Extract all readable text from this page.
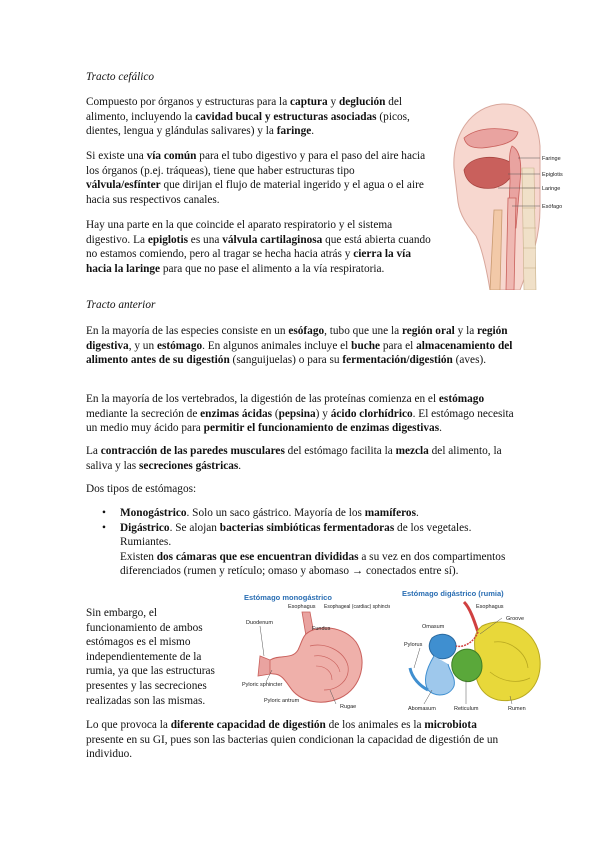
Tracto cefálico
Compuesto por órganos y estructuras para la captura y deglución del alimento, incluyendo la cavidad bucal y estructuras asociadas (picos, dientes, lengua y glándulas salivares) y la faringe.
Si existe una vía común para el tubo digestivo y para el paso del aire hacia los órganos (p.ej. tráqueas), tiene que haber estructuras tipo válvula/esfínter que dirijan el flujo de material ingerido y el agua o el aire hacia sus respectivos canales.
Hay una parte en la que coincide el aparato respiratorio y el sistema digestivo. La epiglotis es una válvula cartilaginosa que está abierta cuando no estamos comiendo, pero al tragar se hecha hacia atrás y cierra la vía hacia la laringe para que no pase el alimento a la vía respiratoria.
Faringe
Epiglotis
Laringe
Esófago
Tracto anterior
En la mayoría de las especies consiste en un esófago, tubo que une la región oral y la región digestiva, y un estómago. En algunos animales incluye el buche para el almacenamiento del alimento antes de su digestión (sanguijuelas) o para su fermentación/digestión (aves).
En la mayoría de los vertebrados, la digestión de las proteínas comienza en el estómago mediante la secreción de enzimas ácidas (pepsina) y ácido clorhídrico. El estómago necesita un medio muy ácido para permitir el funcionamiento de enzimas digestivas.
La contracción de las paredes musculares del estómago facilita la mezcla del alimento, la saliva y las secreciones gástricas.
Dos tipos de estómagos:
• Monogástrico. Solo un saco gástrico. Mayoría de los mamíferos.
• Digástrico. Se alojan bacterias simbióticas fermentadoras de los vegetales. Rumiantes.
Existen dos cámaras que ese encuentran divididas a su vez en dos compartimentos diferenciados (rumen y retículo; omaso y abomaso → conectados entre sí).
Sin embargo, el funcionamiento de ambos estómagos es el mismo independientemente de la rumia, ya que las estructuras presentes y las secreciones realizadas son las mismas.
Estómago monogástrico
Esophagus Esophageal (cardiac) sphincter
Duodenum
Fundus
Pyloric sphincter
Pyloric antrum
Rugae
Estómago digástrico (rumia)
Esophagus
Omasum
Groove
Pylorus
Abomasum	Reticulum	Rumen
Lo que provoca la diferente capacidad de digestión de los animales es la microbiota presente en su GI, pues son las bacterias quien condicionan la capacidad de digestión de un individuo.
